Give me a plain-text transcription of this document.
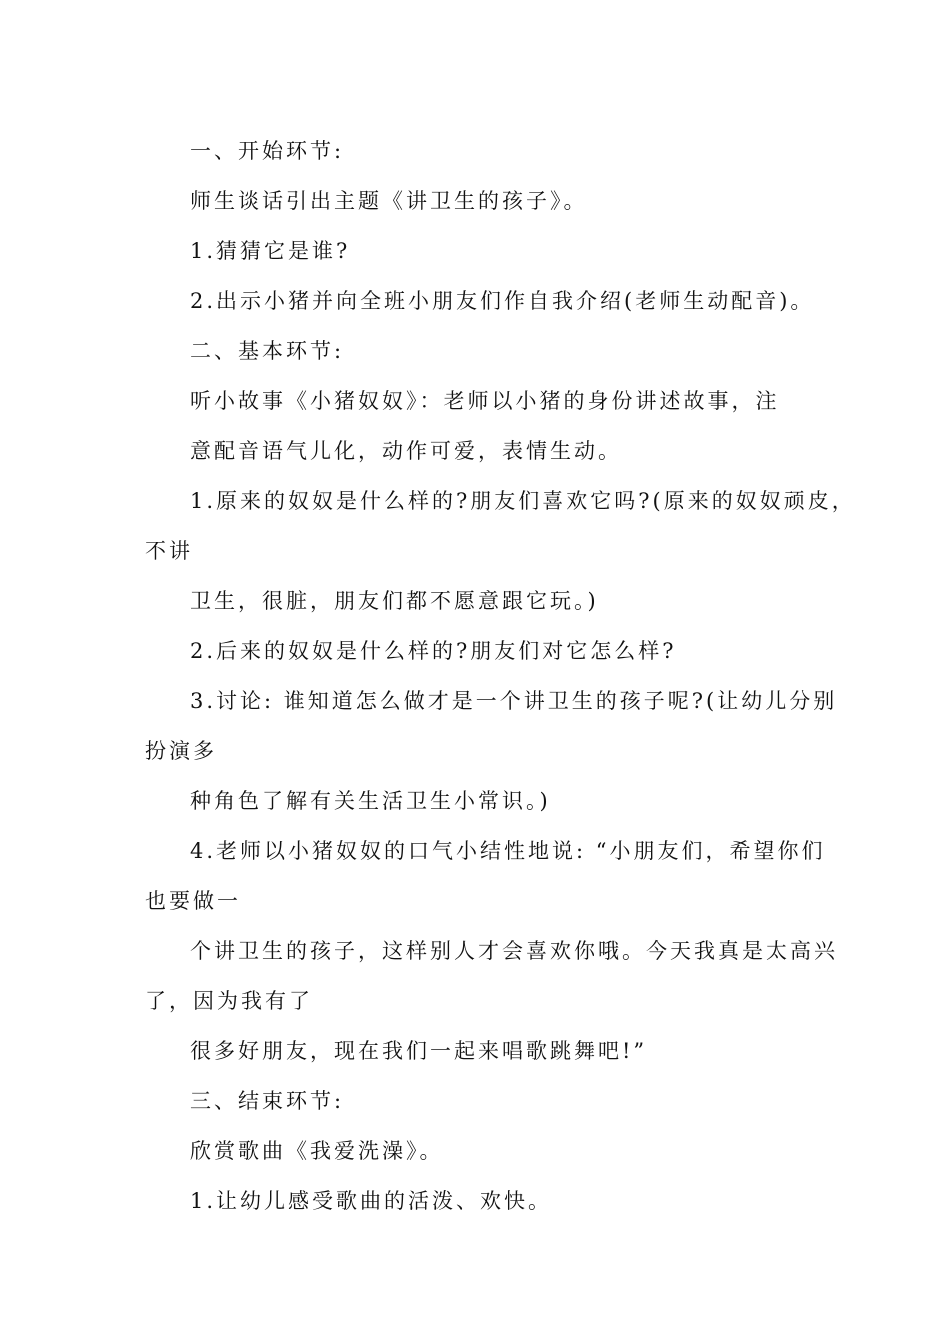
一、开始环节:
师生谈话引出主题《讲卫生的孩子》。
1.猜猜它是谁?
2.出示小猪并向全班小朋友们作自我介绍(老师生动配音)。
二、基本环节:
听小故事《小猪奴奴》：老师以小猪的身份讲述故事，注
意配音语气儿化，动作可爱，表情生动。
1.原来的奴奴是什么样的?朋友们喜欢它吗?(原来的奴奴顽皮，
不讲
卫生，很脏，朋友们都不愿意跟它玩。)
2.后来的奴奴是什么样的?朋友们对它怎么样?
3.讨论: 谁知道怎么做才是一个讲卫生的孩子呢?(让幼儿分别
扮演多
种角色了解有关生活卫生小常识。)
4.老师以小猪奴奴的口气小结性地说: “小朋友们，希望你们
也要做一
个讲卫生的孩子，这样别人才会喜欢你哦。今天我真是太高兴
了，因为我有了
很多好朋友，现在我们一起来唱歌跳舞吧!”
三、结束环节:
欣赏歌曲《我爱洗澡》。
1.让幼儿感受歌曲的活泼、欢快。
